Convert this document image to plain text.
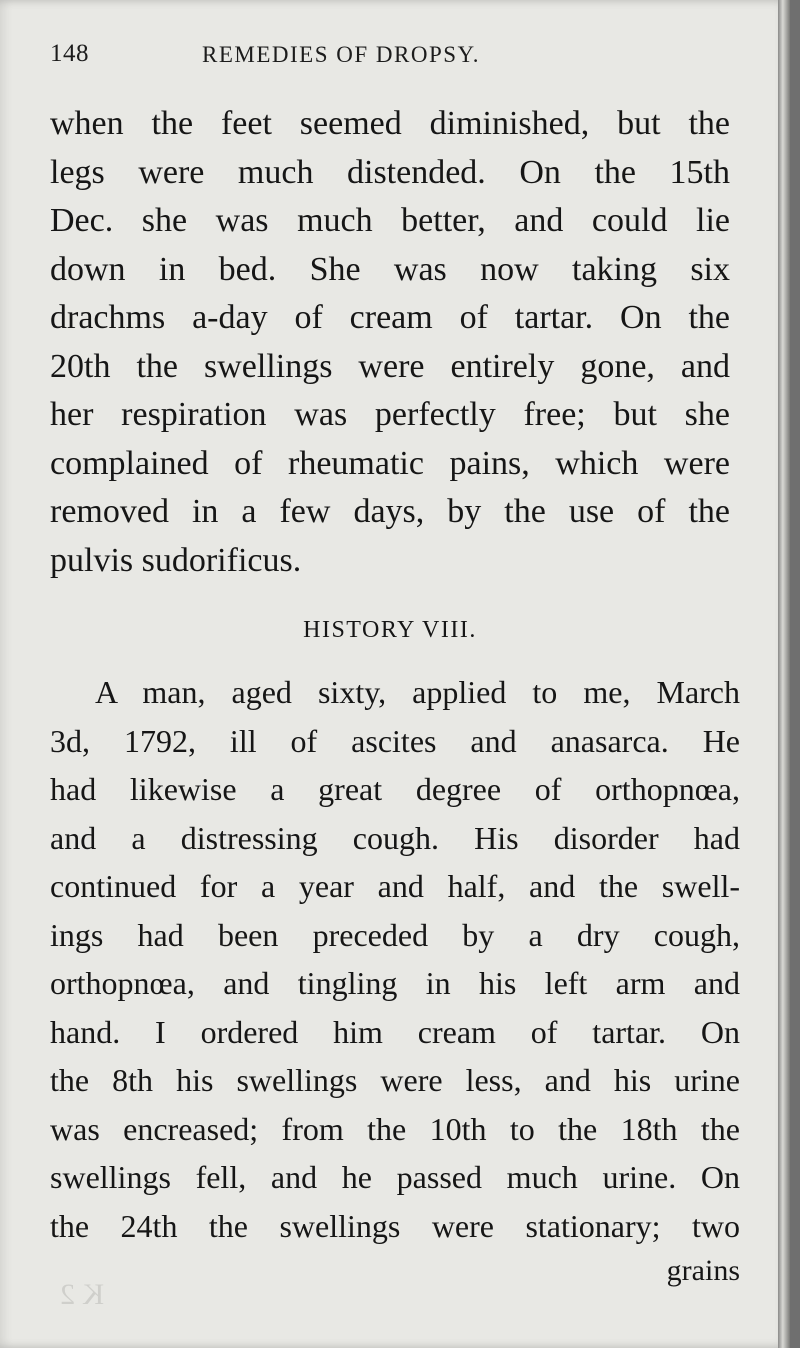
K 2
148	REMEDIES OF DROPSY.
when the feet seemed diminished, but the
legs were much distended. On the 15th
Dec. she was much better, and could lie
down in bed. She was now taking six
drachms a-day of cream of tartar. On the
20th the swellings were entirely gone, and
her respiration was perfectly free; but she
complained of rheumatic pains, which were
removed in a few days, by the use of the
pulvis sudorificus.
HISTORY VIII.
A man, aged sixty, applied to me, March
3d, 1792, ill of ascites and anasarca. He
had likewise a great degree of orthopnœa,
and a distressing cough. His disorder had
continued for a year and half, and the swell-
ings had been preceded by a dry cough,
orthopnœa, and tingling in his left arm and
hand. I ordered him cream of tartar. On
the 8th his swellings were less, and his urine
was encreased; from the 10th to the 18th the
swellings fell, and he passed much urine. On
the 24th the swellings were stationary; two
grains
